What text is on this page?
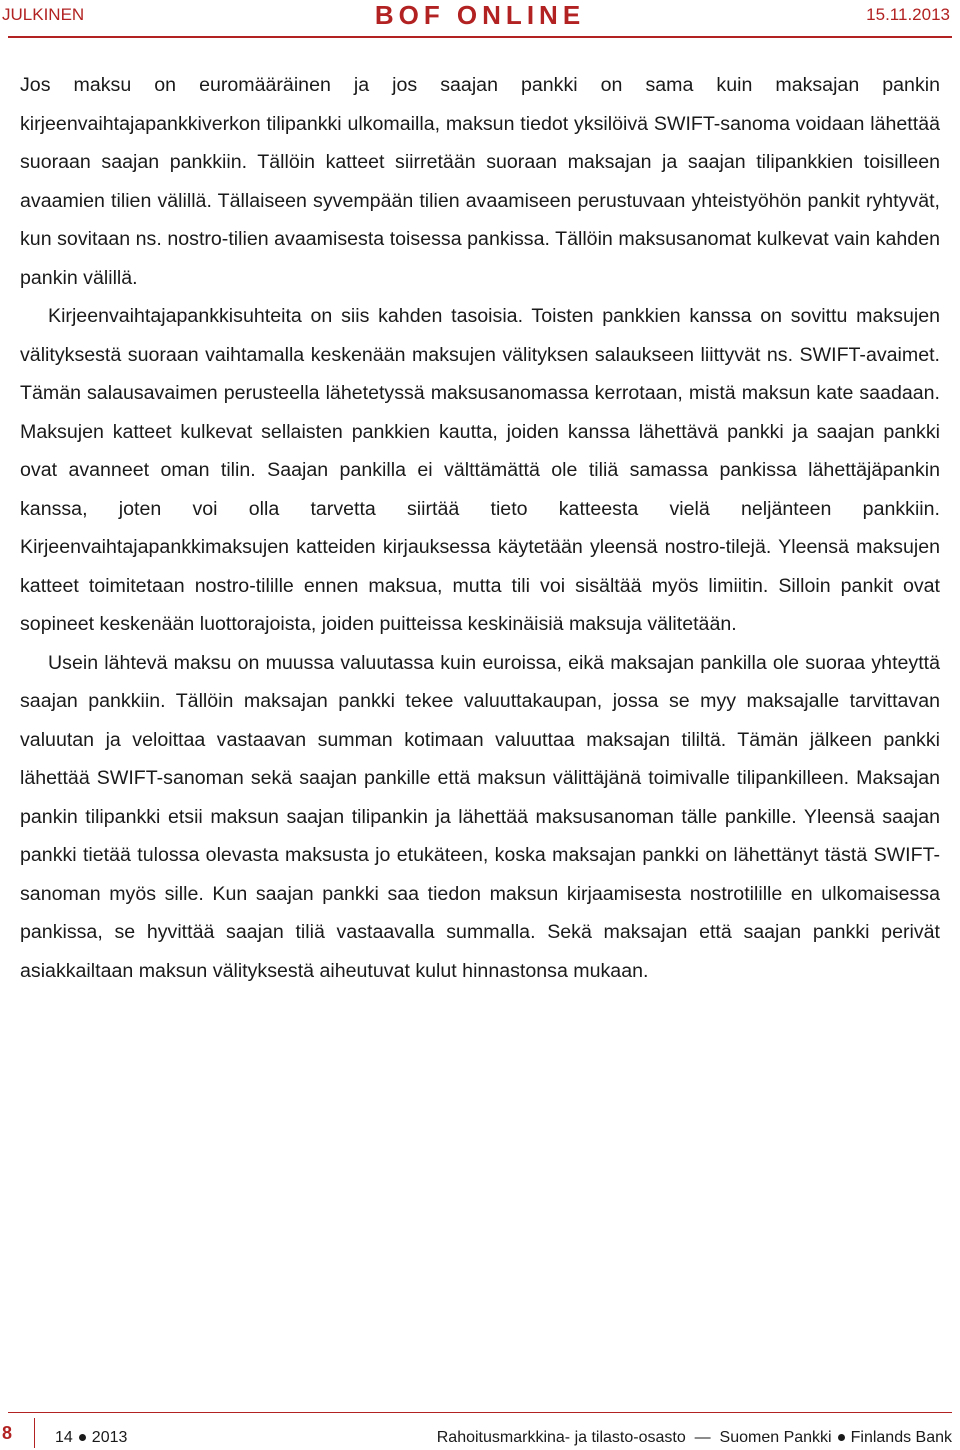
JULKINEN	BOF ONLINE	15.11.2013

Jos maksu on euromääräinen ja jos saajan pankki on sama kuin maksajan pankin kirjeenvaihtajapankkiverkon tilipankki ulkomailla, maksun tiedot yksilöivä SWIFT-sanoma voidaan lähettää suoraan saajan pankkiin. Tällöin katteet siirretään suoraan maksajan ja saajan tilipankkien toisilleen avaamien tilien välillä. Tällaiseen syvempään tilien avaamiseen perustuvaan yhteistyöhön pankit ryhtyvät, kun sovitaan ns. nostro-tilien avaamisesta toisessa pankissa. Tällöin maksusanomat kulkevat vain kahden pankin välillä.

Kirjeenvaihtajapankkisuhteita on siis kahden tasoisia. Toisten pankkien kanssa on sovittu maksujen välityksestä suoraan vaihtamalla keskenään maksujen välityksen salaukseen liittyvät ns. SWIFT-avaimet. Tämän salausavaimen perusteella lähetetyssä maksusanomassa kerrotaan, mistä maksun kate saadaan. Maksujen katteet kulkevat sellaisten pankkien kautta, joiden kanssa lähettävä pankki ja saajan pankki ovat avanneet oman tilin. Saajan pankilla ei välttämättä ole tiliä samassa pankissa lähettäjäpankin kanssa, joten voi olla tarvetta siirtää tieto katteesta vielä neljänteen pankkiin. Kirjeenvaihtajapankkimaksujen katteiden kirjauksessa käytetään yleensä nostro-tilejä. Yleensä maksujen katteet toimitetaan nostro-tilille ennen maksua, mutta tili voi sisältää myös limiitin. Silloin pankit ovat sopineet keskenään luottorajoista, joiden puitteissa keskinäisiä maksuja välitetään.

Usein lähtevä maksu on muussa valuutassa kuin euroissa, eikä maksajan pankilla ole suoraa yhteyttä saajan pankkiin. Tällöin maksajan pankki tekee valuuttakaupan, jossa se myy maksajalle tarvittavan valuutan ja veloittaa vastaavan summan kotimaan valuuttaa maksajan tililtä. Tämän jälkeen pankki lähettää SWIFT-sanoman sekä saajan pankille että maksun välittäjänä toimivalle tilipankilleen. Maksajan pankin tilipankki etsii maksun saajan tilipankin ja lähettää maksusanoman tälle pankille. Yleensä saajan pankki tietää tulossa olevasta maksusta jo etukäteen, koska maksajan pankki on lähettänyt tästä SWIFT-sanoman myös sille. Kun saajan pankki saa tiedon maksun kirjaamisesta nostrotilille en ulkomaisessa pankissa, se hyvittää saajan tiliä vastaavalla summalla. Sekä maksajan että saajan pankki perivät asiakkailtaan maksun välityksestä aiheutuvat kulut hinnastonsa mukaan.

8	14 2013	Rahoitusmarkkina- ja tilasto-osasto  —  Suomen Pankki Finlands Bank
